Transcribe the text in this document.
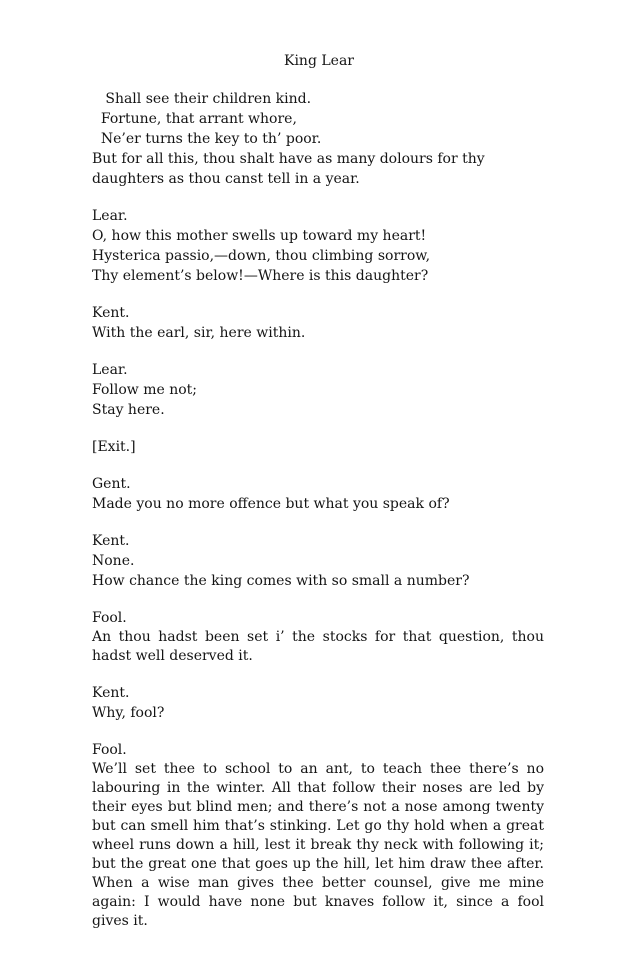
King Lear
Shall see their children kind.
Fortune, that arrant whore,
Ne’er turns the key to th’ poor.
But for all this, thou shalt have as many dolours for thy
daughters as thou canst tell in a year.
Lear.
O, how this mother swells up toward my heart!
Hysterica passio,—down, thou climbing sorrow,
Thy element’s below!—Where is this daughter?
Kent.
With the earl, sir, here within.
Lear.
Follow me not;
Stay here.
[Exit.]
Gent.
Made you no more offence but what you speak of?
Kent.
None.
How chance the king comes with so small a number?
Fool.
An thou hadst been set i’ the stocks for that question, thou hadst well deserved it.
Kent.
Why, fool?
Fool.
We’ll set thee to school to an ant, to teach thee there’s no labouring in the winter. All that follow their noses are led by their eyes but blind men; and there’s not a nose among twenty but can smell him that’s stinking. Let go thy hold when a great wheel runs down a hill, lest it break thy neck with following it; but the great one that goes up the hill, let him draw thee after. When a wise man gives thee better counsel, give me mine again: I would have none but knaves follow it, since a fool gives it.
